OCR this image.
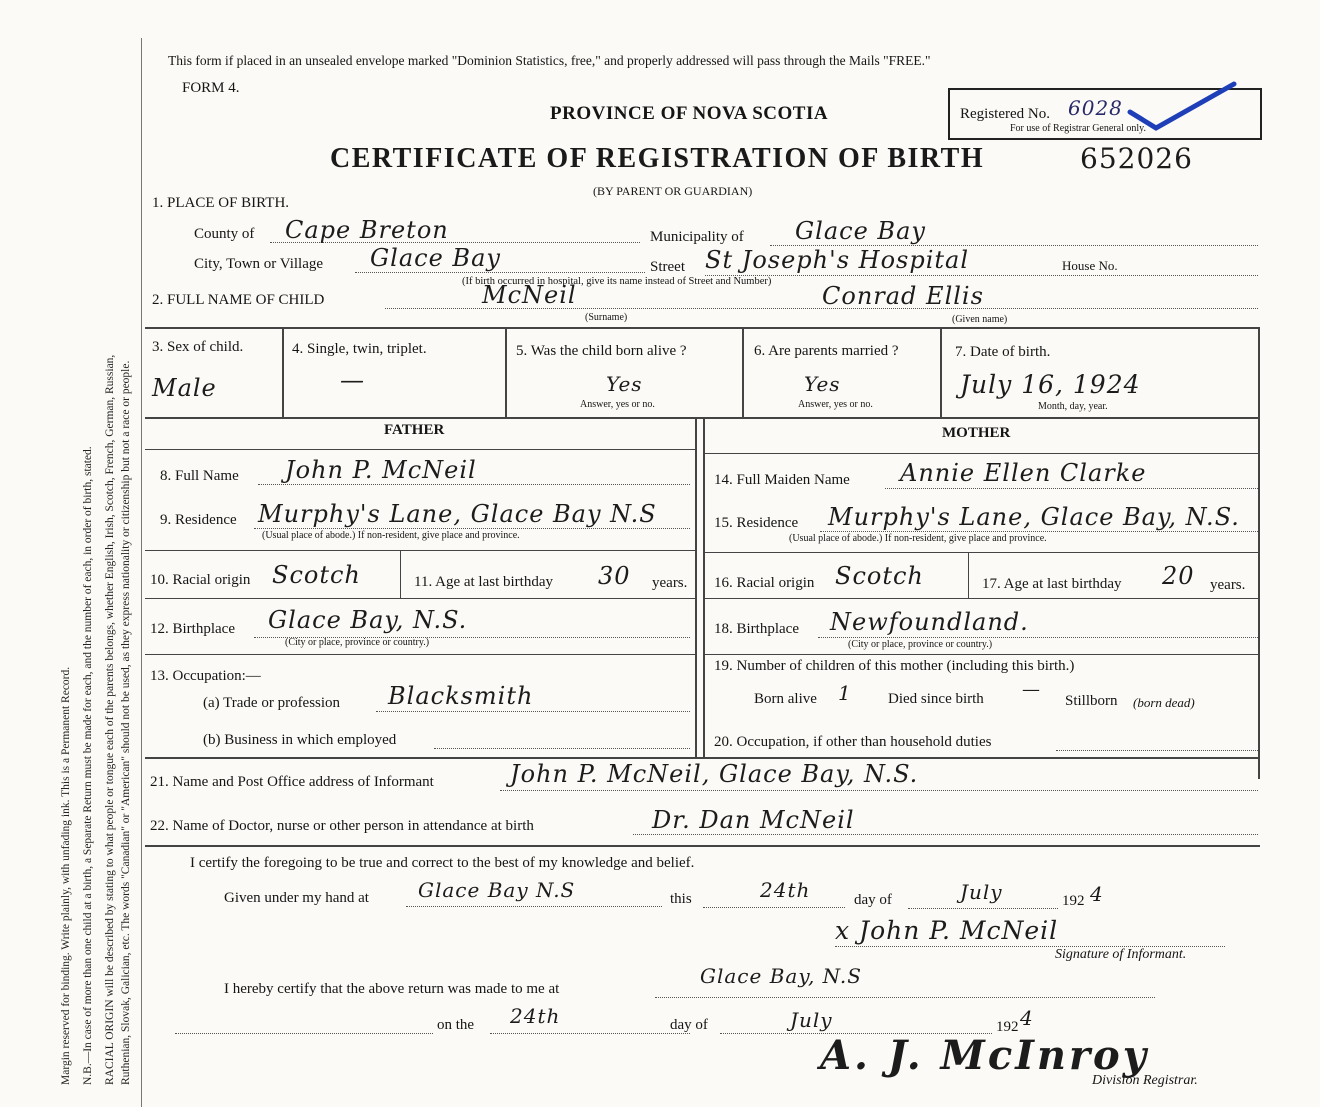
Margin reserved for binding. Write plainly, with unfading ink. This is a Permanent Record. N.B.—In case of more than one child at a birth, a Separate Return must be made for each, and the number of each, in order of birth, stated. RACIAL ORIGIN will be described by stating to what people or tongue each of the parents belongs, whether English, Irish, Scotch, French, German, Russian, Ruthenian, Slovak, Galician, etc. The words "Canadian" or "American" should not be used, as they express nationality or citizenship but not a race or people.
This form if placed in an unsealed envelope marked "Dominion Statistics, free," and properly addressed will pass through the Mails "FREE."
FORM 4.
PROVINCE OF NOVA SCOTIA
CERTIFICATE OF REGISTRATION OF BIRTH
(BY PARENT OR GUARDIAN)
652026
Registered No. 6028
For use of Registrar General only.
1. PLACE OF BIRTH.
County of Cape Breton	Municipality of Glace Bay
City, Town or Village Glace Bay	Street St Joseph's Hospital	House No.
(If birth occurred in hospital, give its name instead of Street and Number)
2. FULL NAME OF CHILD	McNeil	Conrad Ellis
(Surname)	(Given name)
3. Sex of child.
Male
4. Single, twin, triplet.
—
5. Was the child born alive ?
Yes
Answer, yes or no.
6. Are parents married ?
Yes
Answer, yes or no.
7. Date of birth.
July 16, 1924
Month, day, year.
FATHER	MOTHER
8. Full Name John P. McNeil
9. Residence Murphy's Lane, Glace Bay N.S
(Usual place of abode.) If non-resident, give place and province.
10. Racial origin Scotch	11. Age at last birthday 30 years.
12. Birthplace Glace Bay, N.S.
(City or place, province or country.)
13. Occupation:—
(a) Trade or profession Blacksmith
(b) Business in which employed
14. Full Maiden Name Annie Ellen Clarke
15. Residence Murphy's Lane, Glace Bay, N.S.
(Usual place of abode.) If non-resident, give place and province.
16. Racial origin Scotch	17. Age at last birthday 20 years.
18. Birthplace Newfoundland.
(City or place, province or country.)
19. Number of children of this mother (including this birth.)
Born alive 1 Died since birth —
Stillborn (born dead)
20. Occupation, if other than household duties
21. Name and Post Office address of Informant	John P. McNeil, Glace Bay, N.S.
22. Name of Doctor, nurse or other person in attendance at birth	Dr. Dan McNeil
I certify the foregoing to be true and correct to the best of my knowledge and belief.
Given under my hand at Glace Bay N.S	this	24th	day of	July	192 4
x John P. McNeil
Signature of Informant.
I hereby certify that the above return was made to me at
Glace Bay, N.S
on the 24th	day of	July	192 4
A. J. McInroy
Division Registrar.
